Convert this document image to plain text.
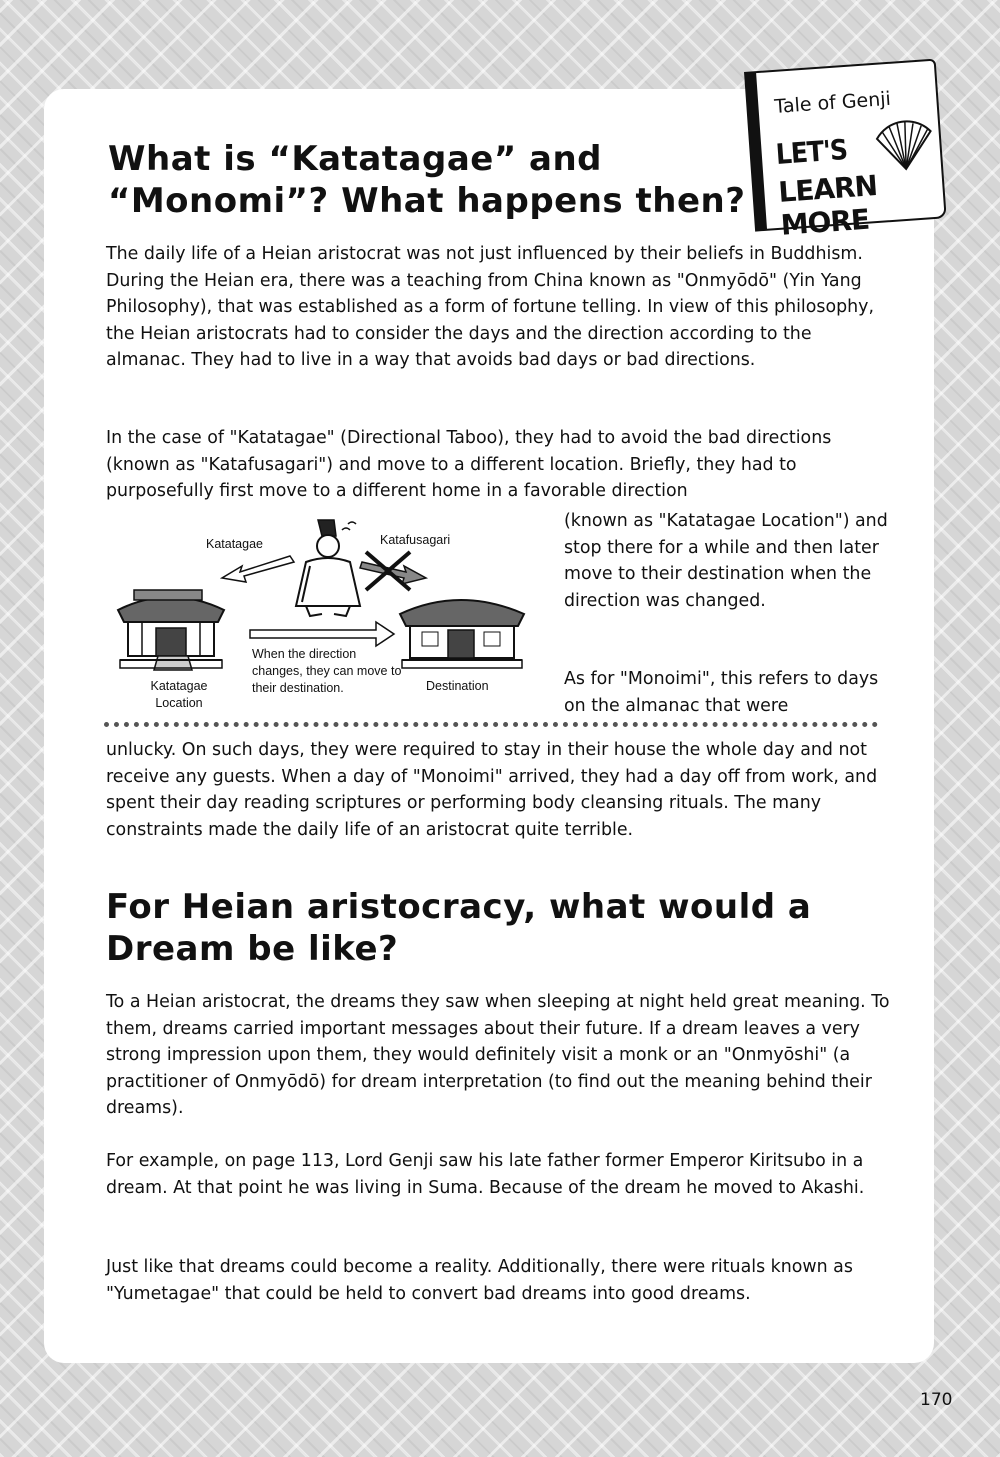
Tale of Genji
LET'S
LEARN MORE
What is “Katatagae” and “Monomi”? What happens then?

The daily life of a Heian aristocrat was not just influenced by their beliefs in Buddhism. During the Heian era, there was a teaching from China known as "Onmyōdō" (Yin Yang Philosophy), that was established as a form of fortune telling. In view of this philosophy, the Heian aristocrats had to consider the days and the direction according to the almanac. They had to live in a way that avoids bad days or bad directions.

In the case of "Katatagae" (Directional Taboo), they had to avoid the bad directions (known as "Katafusagari") and move to a different location. Briefly, they had to purposefully first move to a different home in a favorable direction

Katatagae	Katafusagari
Katatagae Location
Destination
When the direction changes, they can move to their destination.

(known as "Katatagae Location") and stop there for a while and then later move to their destination when the direction was changed.

As for "Monoimi", this refers to days on the almanac that were

unlucky. On such days, they were required to stay in their house the whole day and not receive any guests. When a day of "Monoimi" arrived, they had a day off from work, and spent their day reading scriptures or performing body cleansing rituals. The many constraints made the daily life of an aristocrat quite terrible.

For Heian aristocracy, what would a Dream be like?

To a Heian aristocrat, the dreams they saw when sleeping at night held great meaning. To them, dreams carried important messages about their future. If a dream leaves a very strong impression upon them, they would definitely visit a monk or an "Onmyōshi" (a practitioner of Onmyōdō) for dream interpretation (to find out the meaning behind their dreams).

For example, on page 113, Lord Genji saw his late father former Emperor Kiritsubo in a dream. At that point he was living in Suma. Because of the dream he moved to Akashi.

Just like that dreams could become a reality. Additionally, there were rituals known as "Yumetagae" that could be held to convert bad dreams into good dreams.

170
